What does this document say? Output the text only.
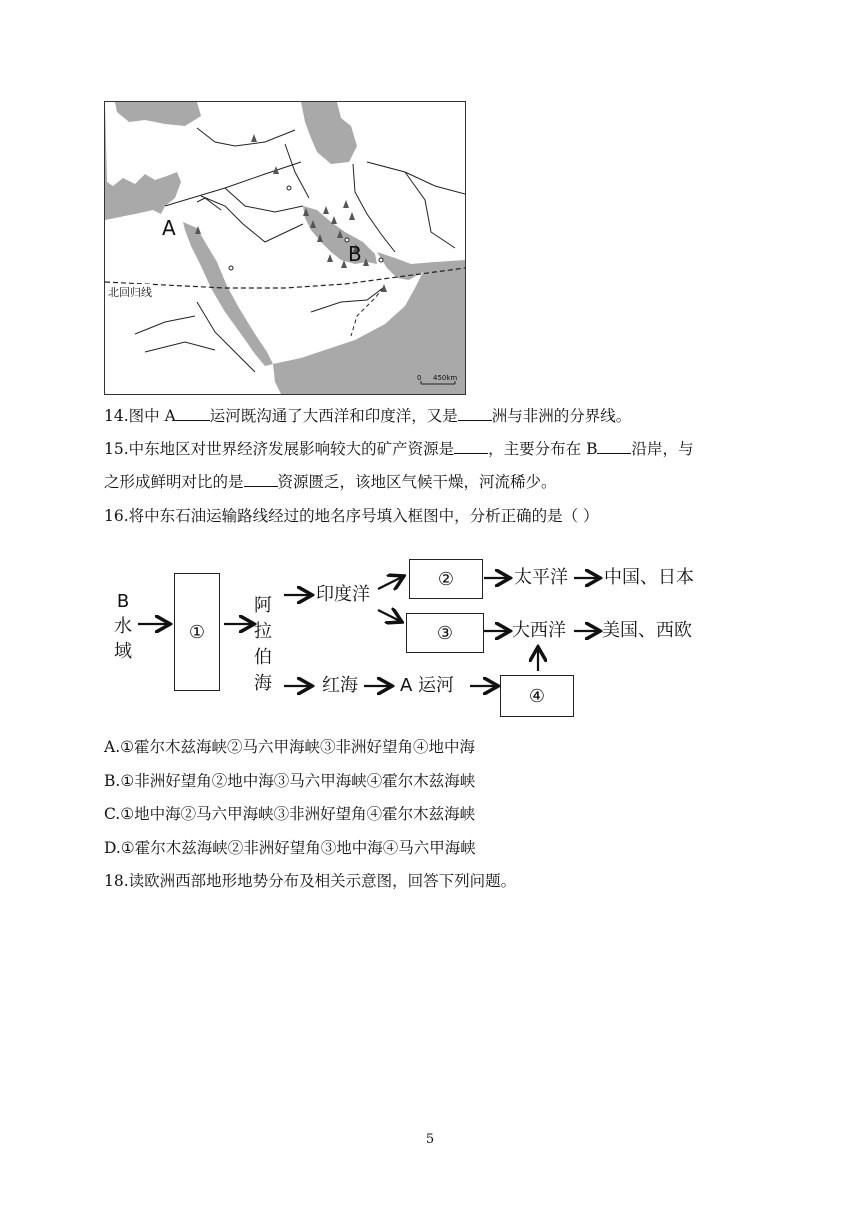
A
B
北回归线
0 450km
14.图中 A 运河既沟通了大西洋和印度洋，又是 洲与非洲的分界线。
15.中东地区对世界经济发展影响较大的矿产资源是 ，主要分布在 B 沿岸，与
之形成鲜明对比的是 资源匮乏，该地区气候干燥，河流稀少。
16.将中东石油运输路线经过的地名序号填入框图中，分析正确的是（ ）
B
水
域
①
阿
拉
伯
海
印度洋
②	太平洋 中国、日本
③	大西洋 美国、西欧
红海 A 运河	④
A.①霍尔木兹海峡②马六甲海峡③非洲好望角④地中海
B.①非洲好望角②地中海③马六甲海峡④霍尔木兹海峡
C.①地中海②马六甲海峡③非洲好望角④霍尔木兹海峡
D.①霍尔木兹海峡②非洲好望角③地中海④马六甲海峡
18.读欧洲西部地形地势分布及相关示意图，回答下列问题。
5
